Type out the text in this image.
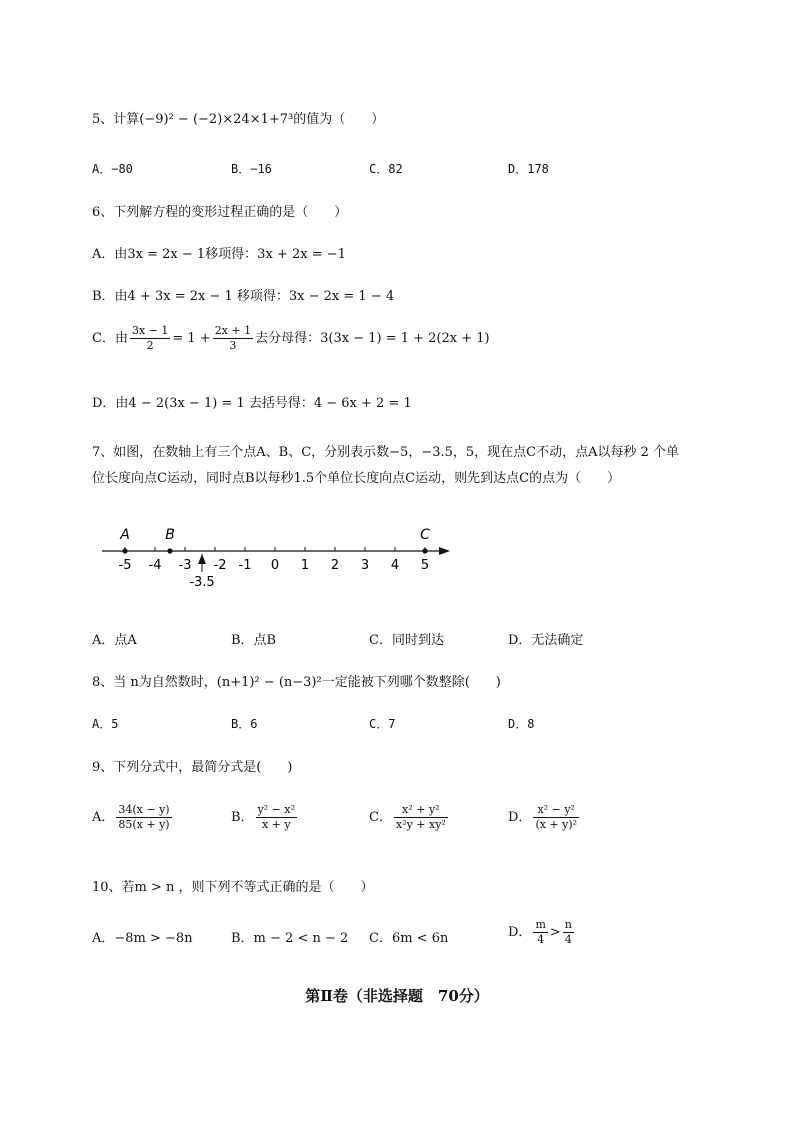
5、计算(−9)² − (−2)×24×1+7³的值为（　　）
A．−80	B．−16	C．82	D．178
6、下列解方程的变形过程正确的是（　　）
A．由3x = 2x − 1移项得：3x + 2x = −1
B．由4 + 3x = 2x − 1 移项得：3x − 2x = 1 − 4
C．由 $\frac{3x - 1}{2} = 1 + \frac{2x + 1}{3}$ 去分母得：3(3x − 1) = 1 + 2(2x + 1)
D．由4 − 2(3x − 1) = 1 去括号得：4 − 6x + 2 = 1
7、如图，在数轴上有三个点A、B、C，分别表示数−5，−3.5，5，现在点C不动，点A以每秒 2 个单
位长度向点C运动，同时点B以每秒1.5个单位长度向点C运动，则先到达点C的点为（　　）
-5 -4 -3 -2 -1 0 1 2 3 4 5
A	B	C
-3.5
A．点A	B．点B	C．同时到达	D．无法确定
8、当 n为自然数时，(n+1)² − (n−3)²一定能被下列哪个数整除(　　)
A．5	B．6	C．7	D．8
9、下列分式中，最简分式是(　　)
A． $\frac{34(x - y)}{85(x + y)}$	B． $\frac{\text{y² − x²}}{x + y}$	C． $\frac{\text{x² + y²}}{\text{x²y + xy²}}$	D． $\frac{\text{x² − y²}}{\text{(x + y)²}}$
10、若m > n ，则下列不等式正确的是（　　）
A．−8m > −8n	B．m − 2 < n − 2 C．6m < 6n	D． $\frac{m}{4} > \frac{n}{4}$
第Ⅱ卷（非选择题　70分）
